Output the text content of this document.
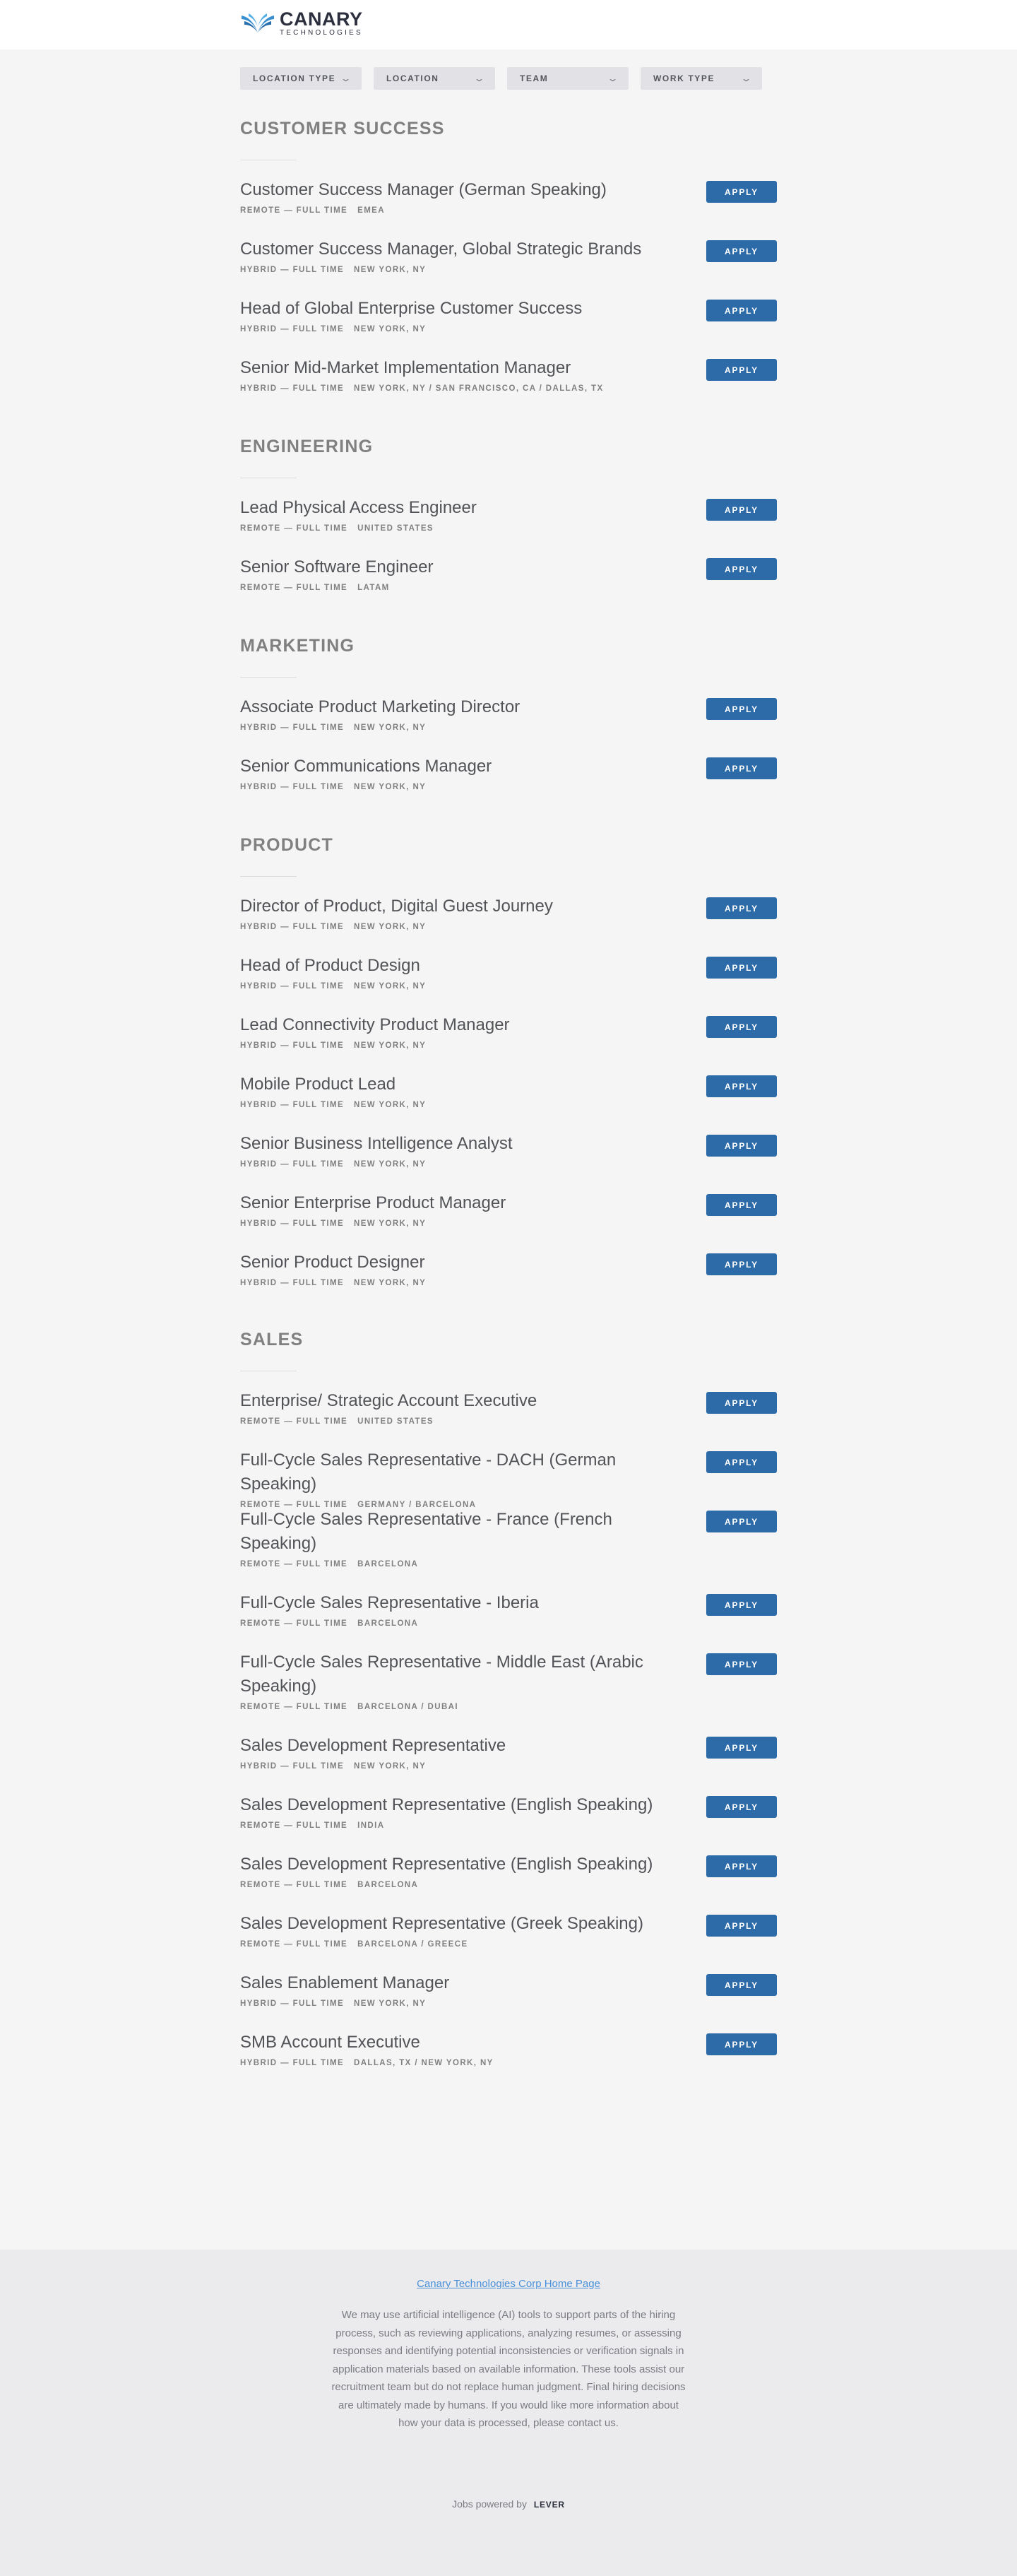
CANARY
TECHNOLOGIES
LOCATION TYPE ⌄	LOCATION	⌄	TEAM	⌄	WORK TYPE	⌄
CUSTOMER SUCCESS
Customer Success Manager (German Speaking)
REMOTE — FULL TIME EMEA
APPLY
Customer Success Manager, Global Strategic Brands
HYBRID — FULL TIME NEW YORK, NY
APPLY
Head of Global Enterprise Customer Success
HYBRID — FULL TIME NEW YORK, NY
APPLY
Senior Mid-Market Implementation Manager
HYBRID — FULL TIME NEW YORK, NY / SAN FRANCISCO, CA / DALLAS, TX
APPLY
ENGINEERING
Lead Physical Access Engineer
REMOTE — FULL TIME UNITED STATES
APPLY
Senior Software Engineer
REMOTE — FULL TIME LATAM
APPLY
MARKETING
Associate Product Marketing Director
HYBRID — FULL TIME NEW YORK, NY
APPLY
Senior Communications Manager
HYBRID — FULL TIME NEW YORK, NY
APPLY
PRODUCT
Director of Product, Digital Guest Journey
HYBRID — FULL TIME NEW YORK, NY
APPLY
Head of Product Design
HYBRID — FULL TIME NEW YORK, NY
APPLY
Lead Connectivity Product Manager
HYBRID — FULL TIME NEW YORK, NY
APPLY
Mobile Product Lead
HYBRID — FULL TIME NEW YORK, NY
APPLY
Senior Business Intelligence Analyst
HYBRID — FULL TIME NEW YORK, NY
APPLY
Senior Enterprise Product Manager
HYBRID — FULL TIME NEW YORK, NY
APPLY
Senior Product Designer
HYBRID — FULL TIME NEW YORK, NY
APPLY
SALES
Enterprise/ Strategic Account Executive
REMOTE — FULL TIME UNITED STATES
APPLY
Full-Cycle Sales Representative - DACH (German Speaking)
REMOTE — FULL TIME GERMANY / BARCELONA
APPLY
Full-Cycle Sales Representative - France (French Speaking)
REMOTE — FULL TIME BARCELONA
APPLY
Full-Cycle Sales Representative - Iberia
REMOTE — FULL TIME BARCELONA
APPLY
Full-Cycle Sales Representative - Middle East (Arabic Speaking)
REMOTE — FULL TIME BARCELONA / DUBAI
APPLY
Sales Development Representative
HYBRID — FULL TIME NEW YORK, NY
APPLY
Sales Development Representative (English Speaking)
REMOTE — FULL TIME INDIA
APPLY
Sales Development Representative (English Speaking)
REMOTE — FULL TIME BARCELONA
APPLY
Sales Development Representative (Greek Speaking)
REMOTE — FULL TIME BARCELONA / GREECE
APPLY
Sales Enablement Manager
HYBRID — FULL TIME NEW YORK, NY
APPLY
SMB Account Executive
HYBRID — FULL TIME DALLAS, TX / NEW YORK, NY
APPLY
Canary Technologies Corp Home Page
We may use artificial intelligence (AI) tools to support parts of the hiring process, such as reviewing applications, analyzing resumes, or assessing responses and identifying potential inconsistencies or verification signals in application materials based on available information. These tools assist our recruitment team but do not replace human judgment. Final hiring decisions are ultimately made by humans. If you would like more information about how your data is processed, please contact us.
Jobs powered by LEVER
